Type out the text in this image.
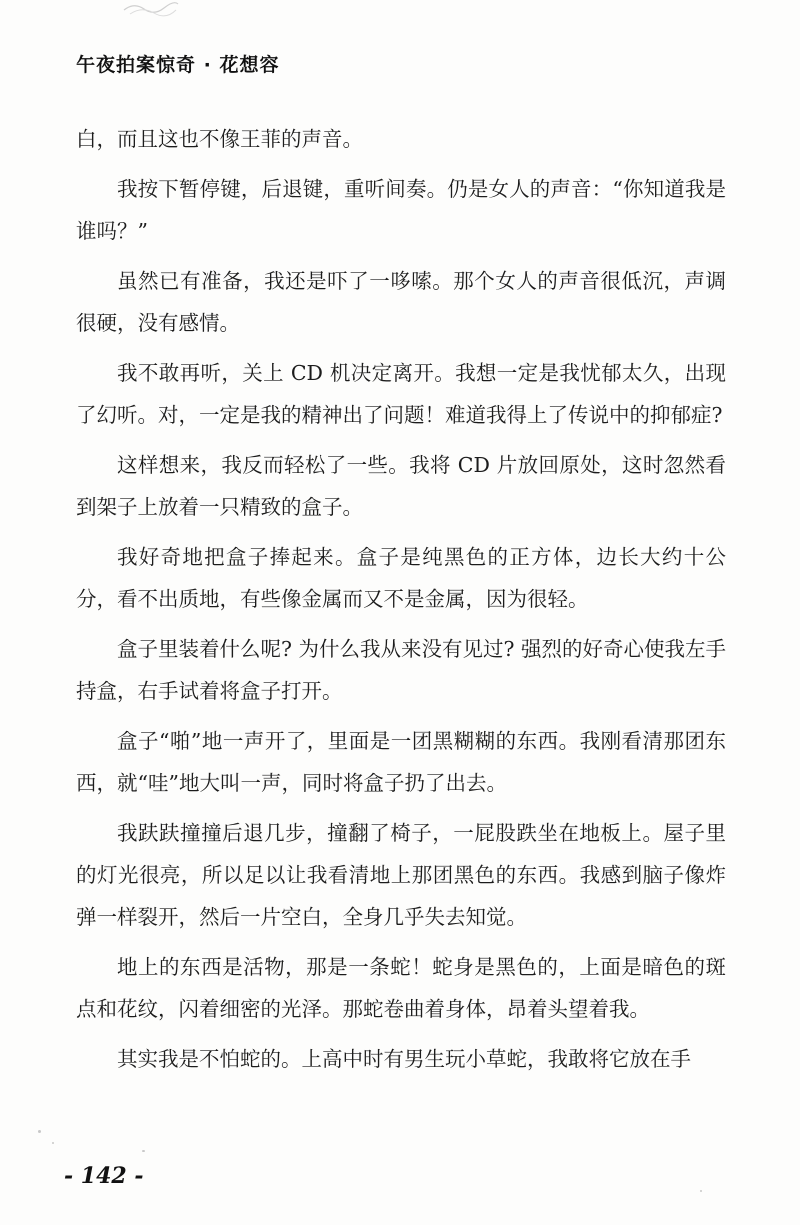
午夜拍案惊奇 · 花想容

白，而且这也不像王菲的声音。

我按下暂停键，后退键，重听间奏。仍是女人的声音：“你知道我是谁吗？”

虽然已有准备，我还是吓了一哆嗦。那个女人的声音很低沉，声调很硬，没有感情。

我不敢再听，关上 CD 机决定离开。我想一定是我忧郁太久，出现了幻听。对，一定是我的精神出了问题！难道我得上了传说中的抑郁症?

这样想来，我反而轻松了一些。我将 CD 片放回原处，这时忽然看到架子上放着一只精致的盒子。

我好奇地把盒子捧起来。盒子是纯黑色的正方体，边长大约十公分，看不出质地，有些像金属而又不是金属，因为很轻。

盒子里装着什么呢? 为什么我从来没有见过? 强烈的好奇心使我左手持盒，右手试着将盒子打开。

盒子“啪”地一声开了，里面是一团黑糊糊的东西。我刚看清那团东西，就“哇”地大叫一声，同时将盒子扔了出去。

我趺趺撞撞后退几步，撞翻了椅子，一屁股跌坐在地板上。屋子里的灯光很亮，所以足以让我看清地上那团黑色的东西。我感到脑子像炸弹一样裂开，然后一片空白，全身几乎失去知觉。

地上的东西是活物，那是一条蛇！蛇身是黑色的，上面是暗色的斑点和花纹，闪着细密的光泽。那蛇卷曲着身体，昂着头望着我。

其实我是不怕蛇的。上高中时有男生玩小草蛇，我敢将它放在手

- 142 -
